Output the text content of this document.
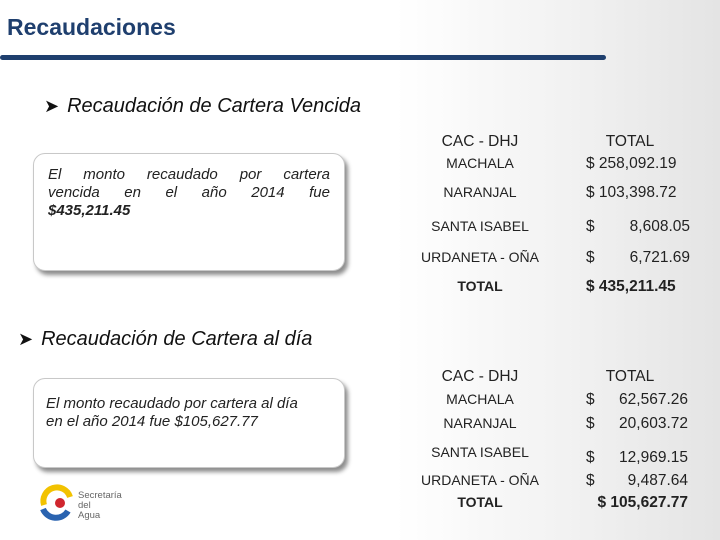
Recaudaciones
➤ Recaudación de Cartera Vencida

El monto recaudado por cartera

vencida en el año 2014 fue

$435,211.45

CAC - DHJ	TOTAL
MACHALA	$ 258,092.19
NARANJAL	$ 103,398.72
SANTA ISABEL	$ 8,608.05
URDANETA - OÑA	$ 6,721.69
TOTAL	$ 435,211.45
➤ Recaudación de Cartera al día

El monto recaudado por cartera al día

en el año 2014 fue $105,627.77

CAC - DHJ	TOTAL
MACHALA	$ 62,567.26
NARANJAL	$ 20,603.72
SANTA ISABEL	$ 12,969.15
URDANETA - OÑA	$ 9,487.64
TOTAL	$ 105,627.77
Secretaría del
Agua
